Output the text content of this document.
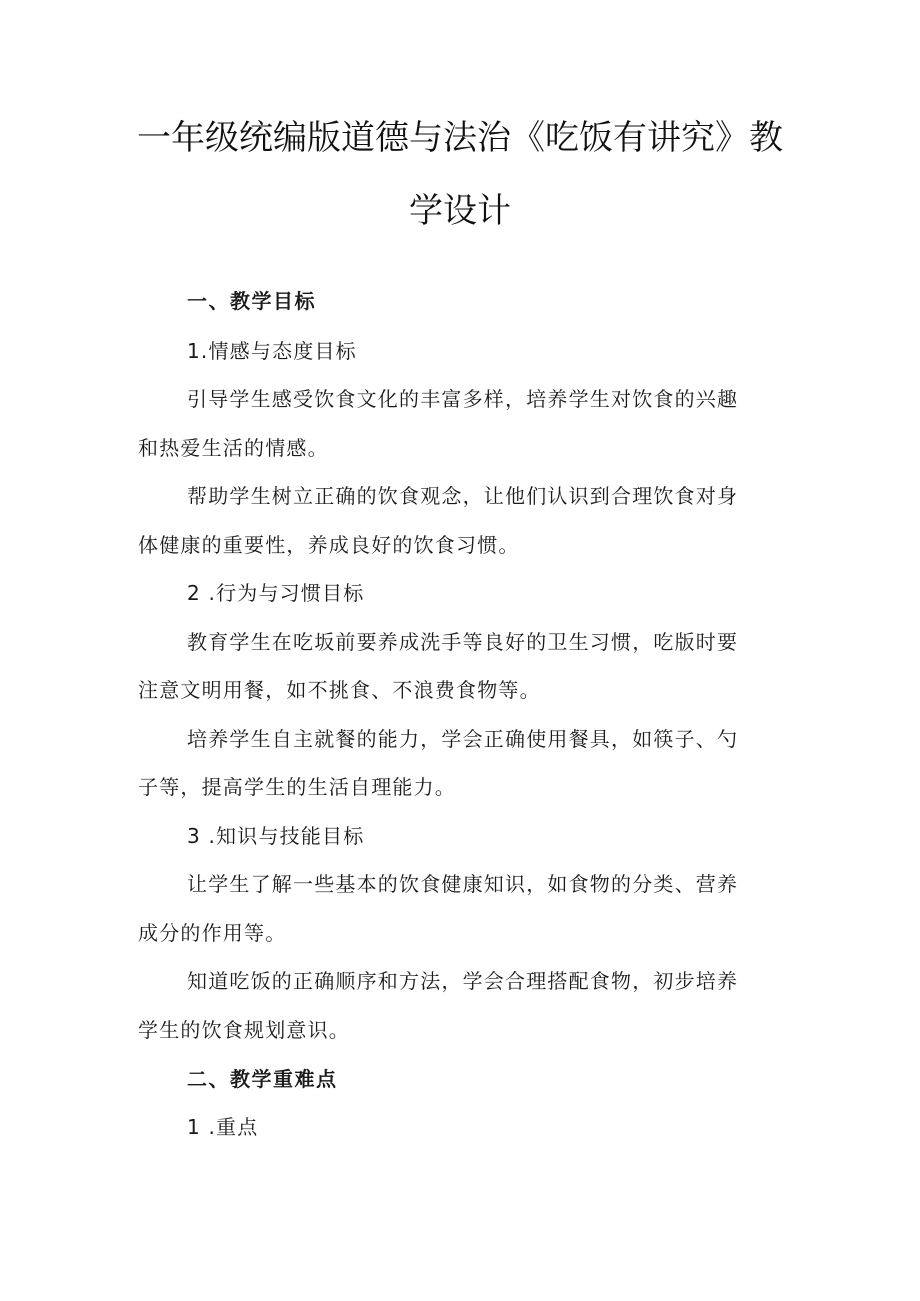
一年级统编版道德与法治《吃饭有讲究》教
学设计
一、教学目标
1.情感与态度目标
引导学生感受饮食文化的丰富多样，培养学生对饮食的兴趣
和热爱生活的情感。
帮助学生树立正确的饮食观念，让他们认识到合理饮食对身
体健康的重要性，养成良好的饮食习惯。
2 .行为与习惯目标
教育学生在吃坂前要养成洗手等良好的卫生习惯，吃版时要
注意文明用餐，如不挑食、不浪费食物等。
培养学生自主就餐的能力，学会正确使用餐具，如筷子、勺
子等，提高学生的生活自理能力。
3 .知识与技能目标
让学生了解一些基本的饮食健康知识，如食物的分类、营养
成分的作用等。
知道吃饭的正确顺序和方法，学会合理搭配食物，初步培养
学生的饮食规划意识。
二、教学重难点
1 .重点
